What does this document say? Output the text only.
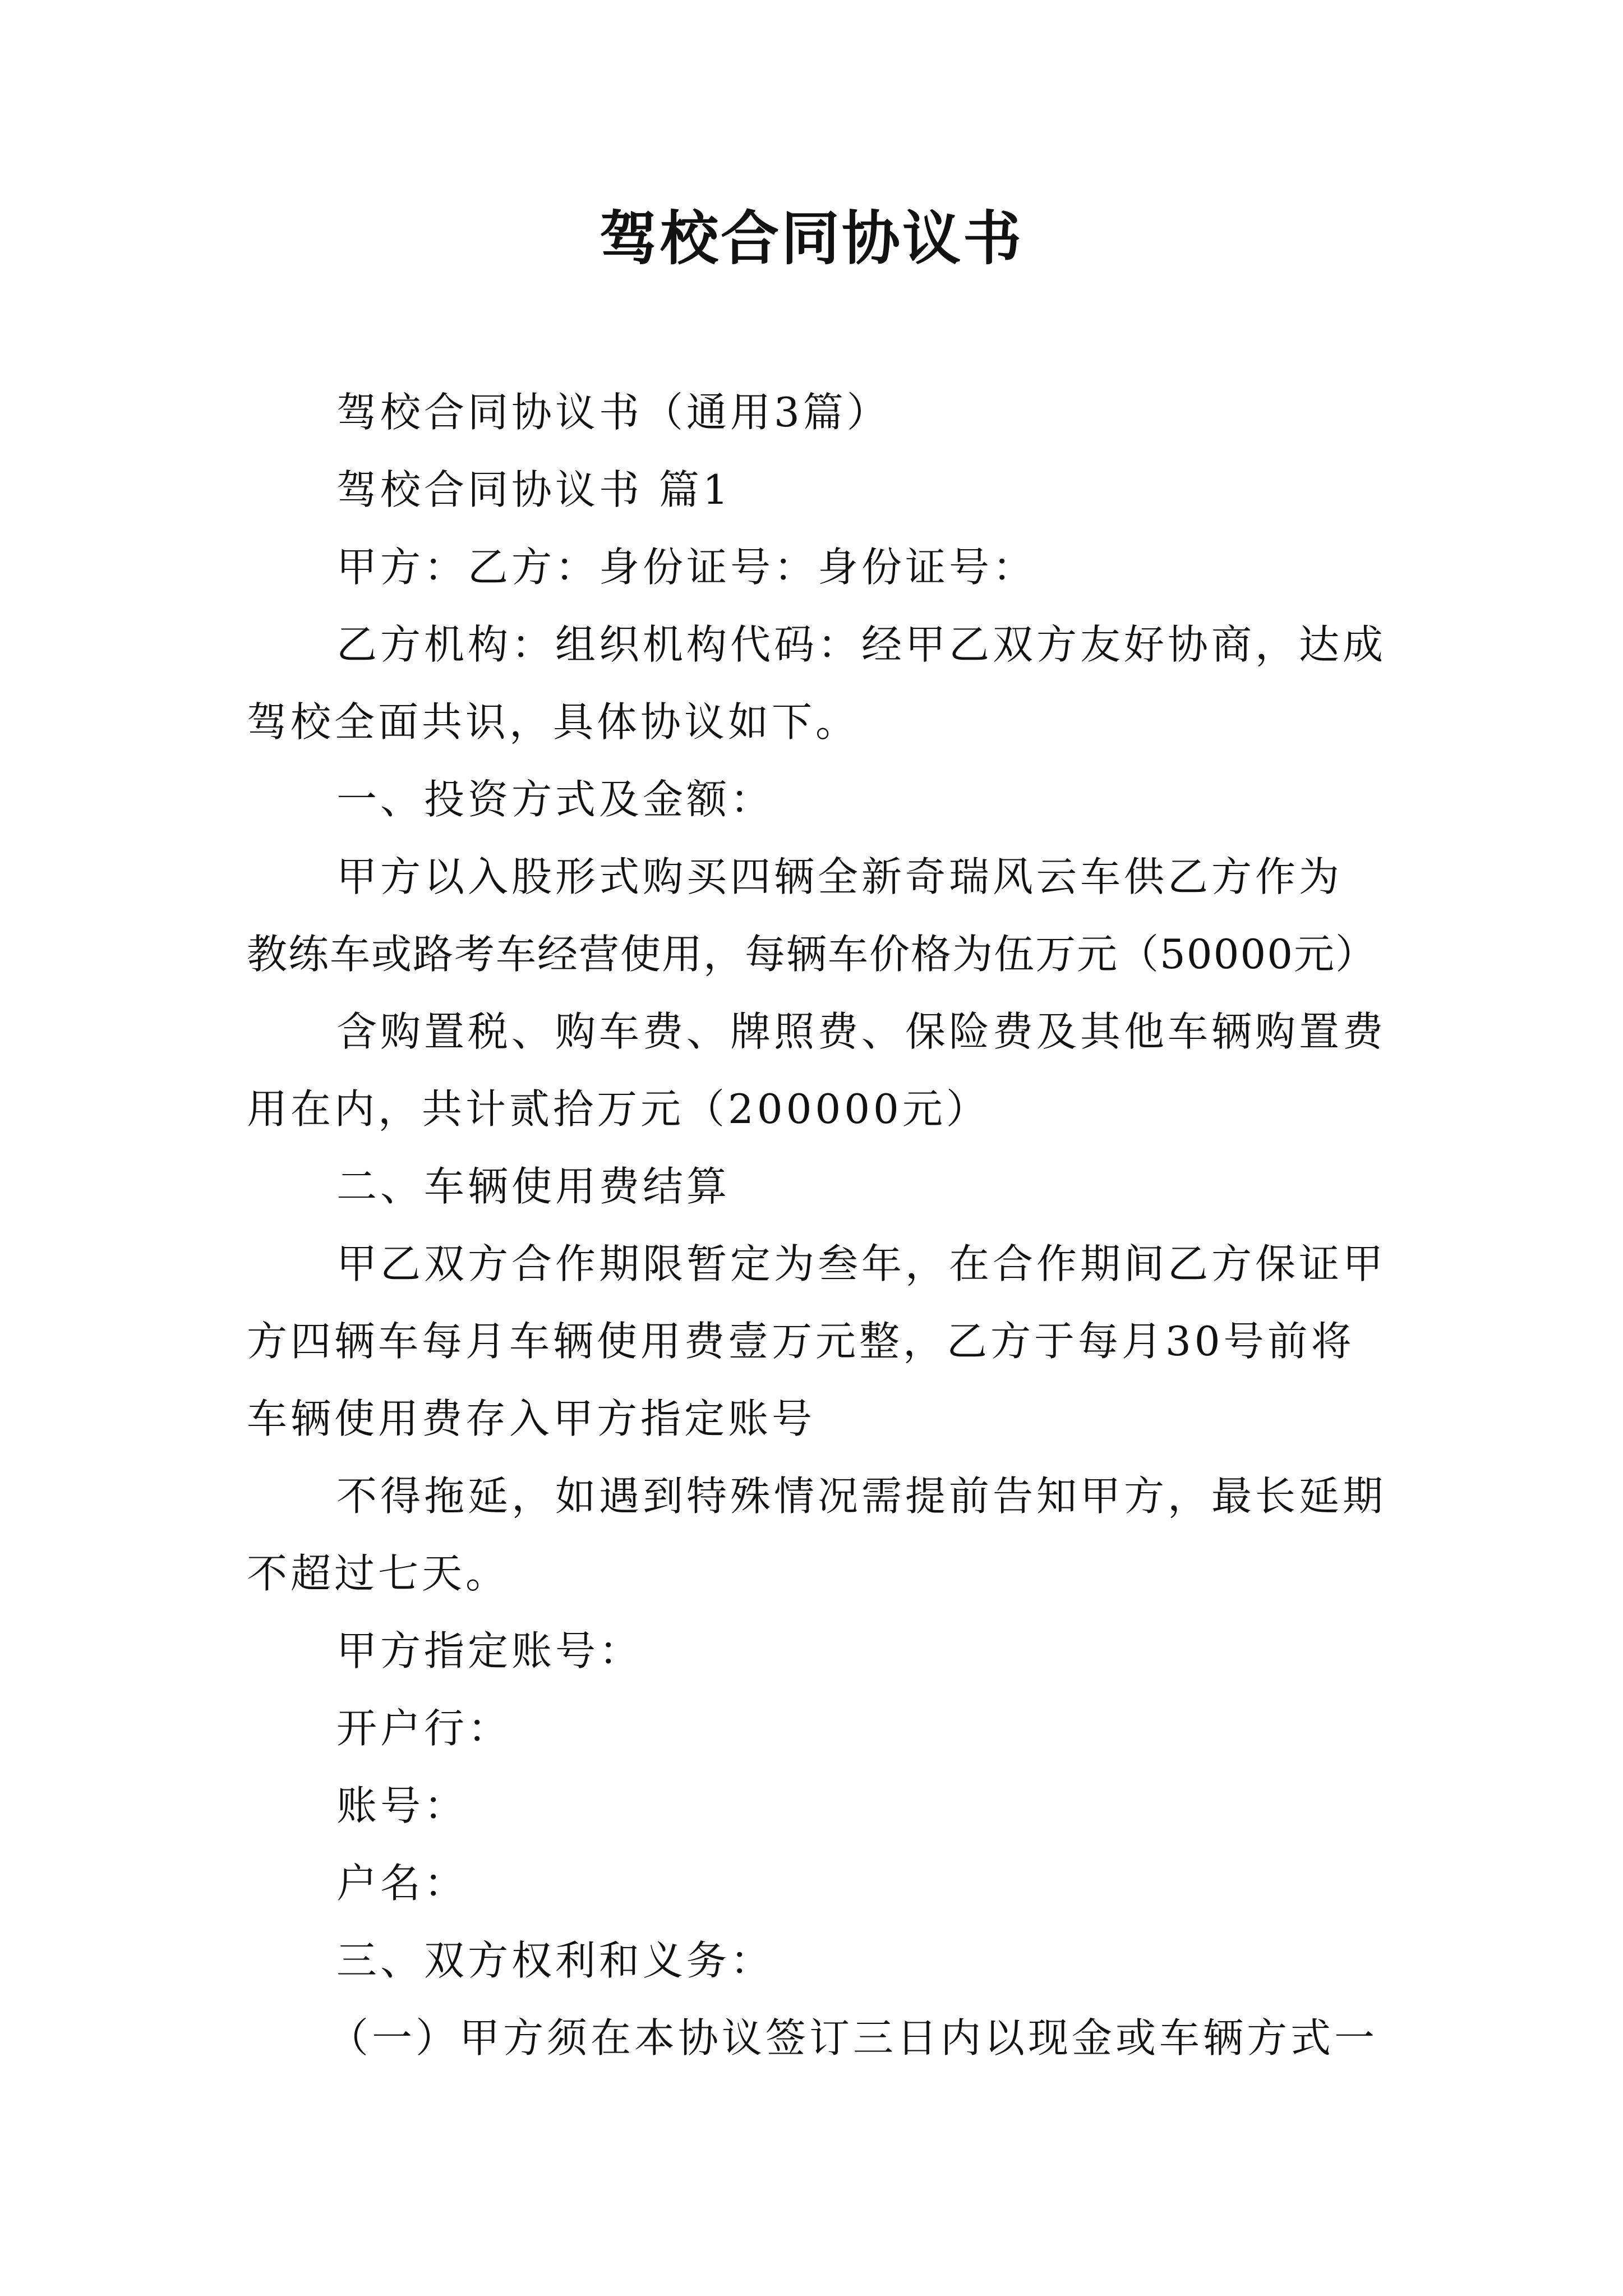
驾校合同协议书
驾校合同协议书（通用3篇）
驾校合同协议书 篇1
甲方：乙方：身份证号：身份证号：
乙方机构：组织机构代码：经甲乙双方友好协商，达成
驾校全面共识，具体协议如下。
一、投资方式及金额：
甲方以入股形式购买四辆全新奇瑞风云车供乙方作为
教练车或路考车经营使用，每辆车价格为伍万元（50000元）
含购置税、购车费、牌照费、保险费及其他车辆购置费
用在内，共计贰拾万元（200000元）
二、车辆使用费结算
甲乙双方合作期限暂定为叁年，在合作期间乙方保证甲
方四辆车每月车辆使用费壹万元整，乙方于每月30号前将
车辆使用费存入甲方指定账号
不得拖延，如遇到特殊情况需提前告知甲方，最长延期
不超过七天。
甲方指定账号：
开户行：
账号：
户名：
三、双方权利和义务：
（一）甲方须在本协议签订三日内以现金或车辆方式一
